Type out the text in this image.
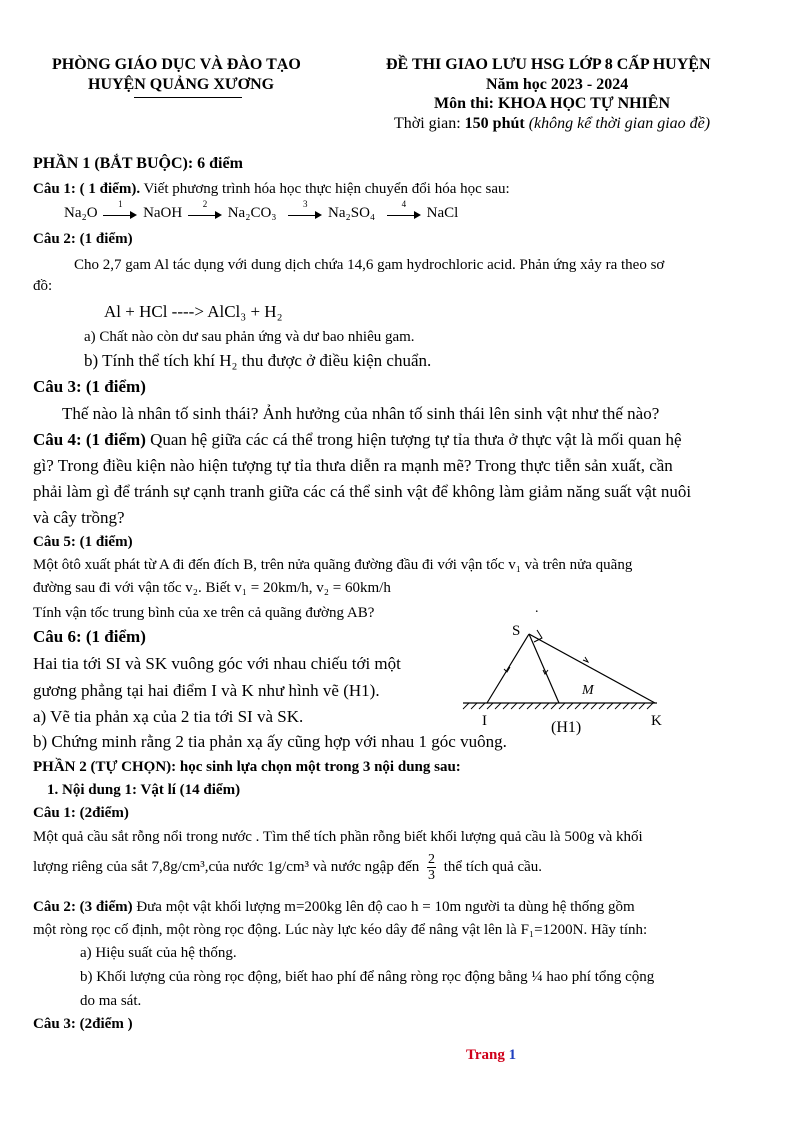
PHÒNG GIÁO DỤC VÀ ĐÀO TẠO
HUYỆN QUẢNG XƯƠNG
ĐỀ THI GIAO LƯU HSG LỚP 8 CẤP HUYỆN
Năm học 2023 - 2024
Môn thi: KHOA HỌC TỰ NHIÊN
Thời gian: 150 phút (không kể thời gian giao đề)
PHẦN 1 (BẮT BUỘC): 6 điểm
Câu 1: ( 1 điểm). Viết phương trình hóa học thực hiện chuyển đổi hóa học sau:
Na₂O
1
NaOH
2
Na₂CO₃
3
Na₂SO₄
4
NaCl
Câu 2: (1 điểm)
Cho 2,7 gam Al tác dụng với dung dịch chứa 14,6 gam hydrochloric acid. Phản ứng xảy ra theo sơ
đồ:
Al + HCl ----> AlCl₃ + H₂
a) Chất nào còn dư sau phản ứng và dư bao nhiêu gam.
b) Tính thể tích khí H₂ thu được ở điều kiện chuẩn.
Câu 3: (1 điểm)
Thế nào là nhân tố sinh thái? Ảnh hưởng của nhân tố sinh thái lên sinh vật như thế nào?
Câu 4: (1 điểm) Quan hệ giữa các cá thể trong hiện tượng tự tỉa thưa ở thực vật là mối quan hệ
gì? Trong điều kiện nào hiện tượng tự tỉa thưa diễn ra mạnh mẽ? Trong thực tiễn sản xuất, cần
phải làm gì để tránh sự cạnh tranh giữa các cá thể sinh vật để không làm giảm năng suất vật nuôi
và cây trồng?
Câu 5: (1 điểm)
Một ôtô xuất phát từ A đi đến đích B, trên nửa quãng đường đầu đi với vận tốc v₁ và trên nửa quãng
đường sau đi với vận tốc v₂. Biết v₁ = 20km/h, v₂ = 60km/h
Tính vận tốc trung bình của xe trên cả quãng đường AB?
Câu 6: (1 điểm)
Hai tia tới SI và SK vuông góc với nhau chiếu tới một
gương phẳng tại hai điểm I và K như hình vẽ (H1).
a) Vẽ tia phản xạ của 2 tia tới SI và SK.
b) Chứng minh rằng 2 tia phản xạ ấy cũng hợp với nhau 1 góc vuông.
.
S
M
I	K
(H1)
PHẦN 2 (TỰ CHỌN): học sinh lựa chọn một trong 3 nội dung sau:
1. Nội dung 1: Vật lí (14 điểm)
Câu 1: (2điểm)
Một quả cầu sắt rỗng nổi trong nước . Tìm thể tích phần rỗng biết khối lượng quả cầu là 500g và khối
lượng riêng của sắt 7,8g/cm³,của nước 1g/cm³ và nước ngập đến $\frac{2}{3}$ thể tích quả cầu.
Câu 2: (3 điểm) Đưa một vật khối lượng m=200kg lên độ cao h = 10m người ta dùng hệ thống gồm
một ròng rọc cố định, một ròng rọc động. Lúc này lực kéo dây để nâng vật lên là F₁=1200N. Hãy tính:
a) Hiệu suất của hệ thống.
b) Khối lượng của ròng rọc động, biết hao phí để nâng ròng rọc động bằng ¼ hao phí tổng cộng
do ma sát.
Câu 3: (2điểm )
Trang 1
